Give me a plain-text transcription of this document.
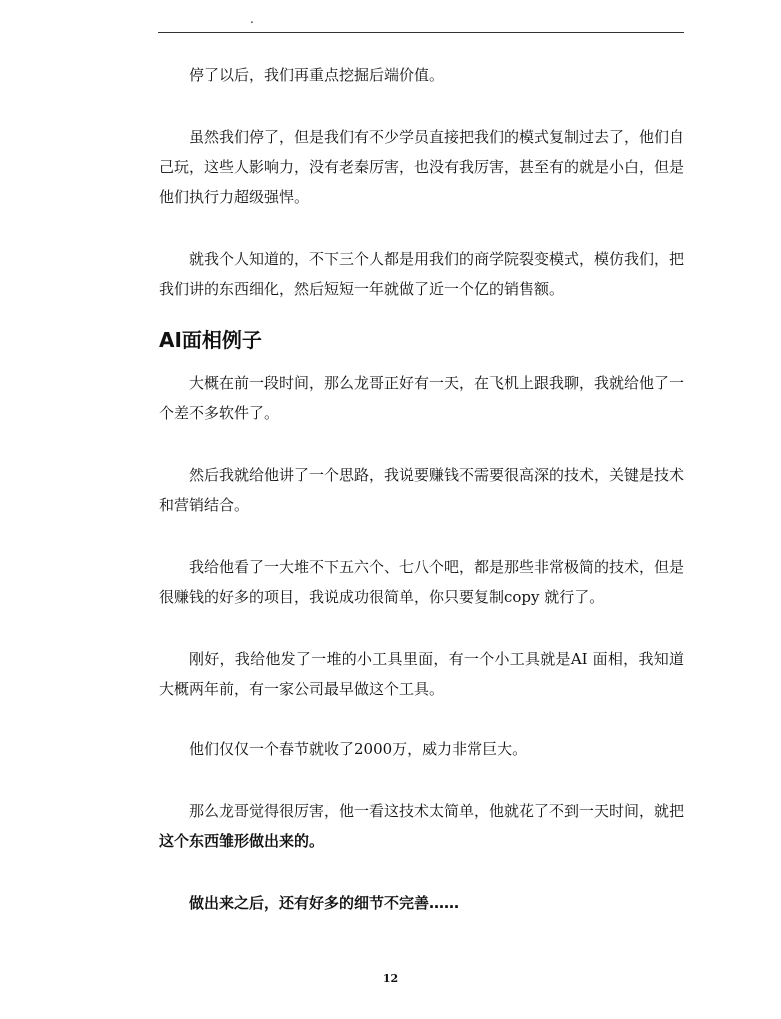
.

停了以后，我们再重点挖掘后端价值。

虽然我们停了，但是我们有不少学员直接把我们的模式复制过去了，他们自己玩，这些人影响力，没有老秦厉害，也没有我厉害，甚至有的就是小白，但是他们执行力超级强悍。

就我个人知道的，不下三个人都是用我们的商学院裂变模式，模仿我们，把我们讲的东西细化，然后短短一年就做了近一个亿的销售额。

AI面相例子

大概在前一段时间，那么龙哥正好有一天，在飞机上跟我聊，我就给他了一个差不多软件了。

然后我就给他讲了一个思路，我说要赚钱不需要很高深的技术，关键是技术和营销结合。

我给他看了一大堆不下五六个、七八个吧，都是那些非常极简的技术，但是很赚钱的好多的项目，我说成功很简单，你只要复制copy 就行了。

刚好，我给他发了一堆的小工具里面，有一个小工具就是AI 面相，我知道大概两年前，有一家公司最早做这个工具。

他们仅仅一个春节就收了2000万，威力非常巨大。

那么龙哥觉得很厉害，他一看这技术太简单，他就花了不到一天时间，就把这个东西雏形做出来的。

做出来之后，还有好多的细节不完善……

12
